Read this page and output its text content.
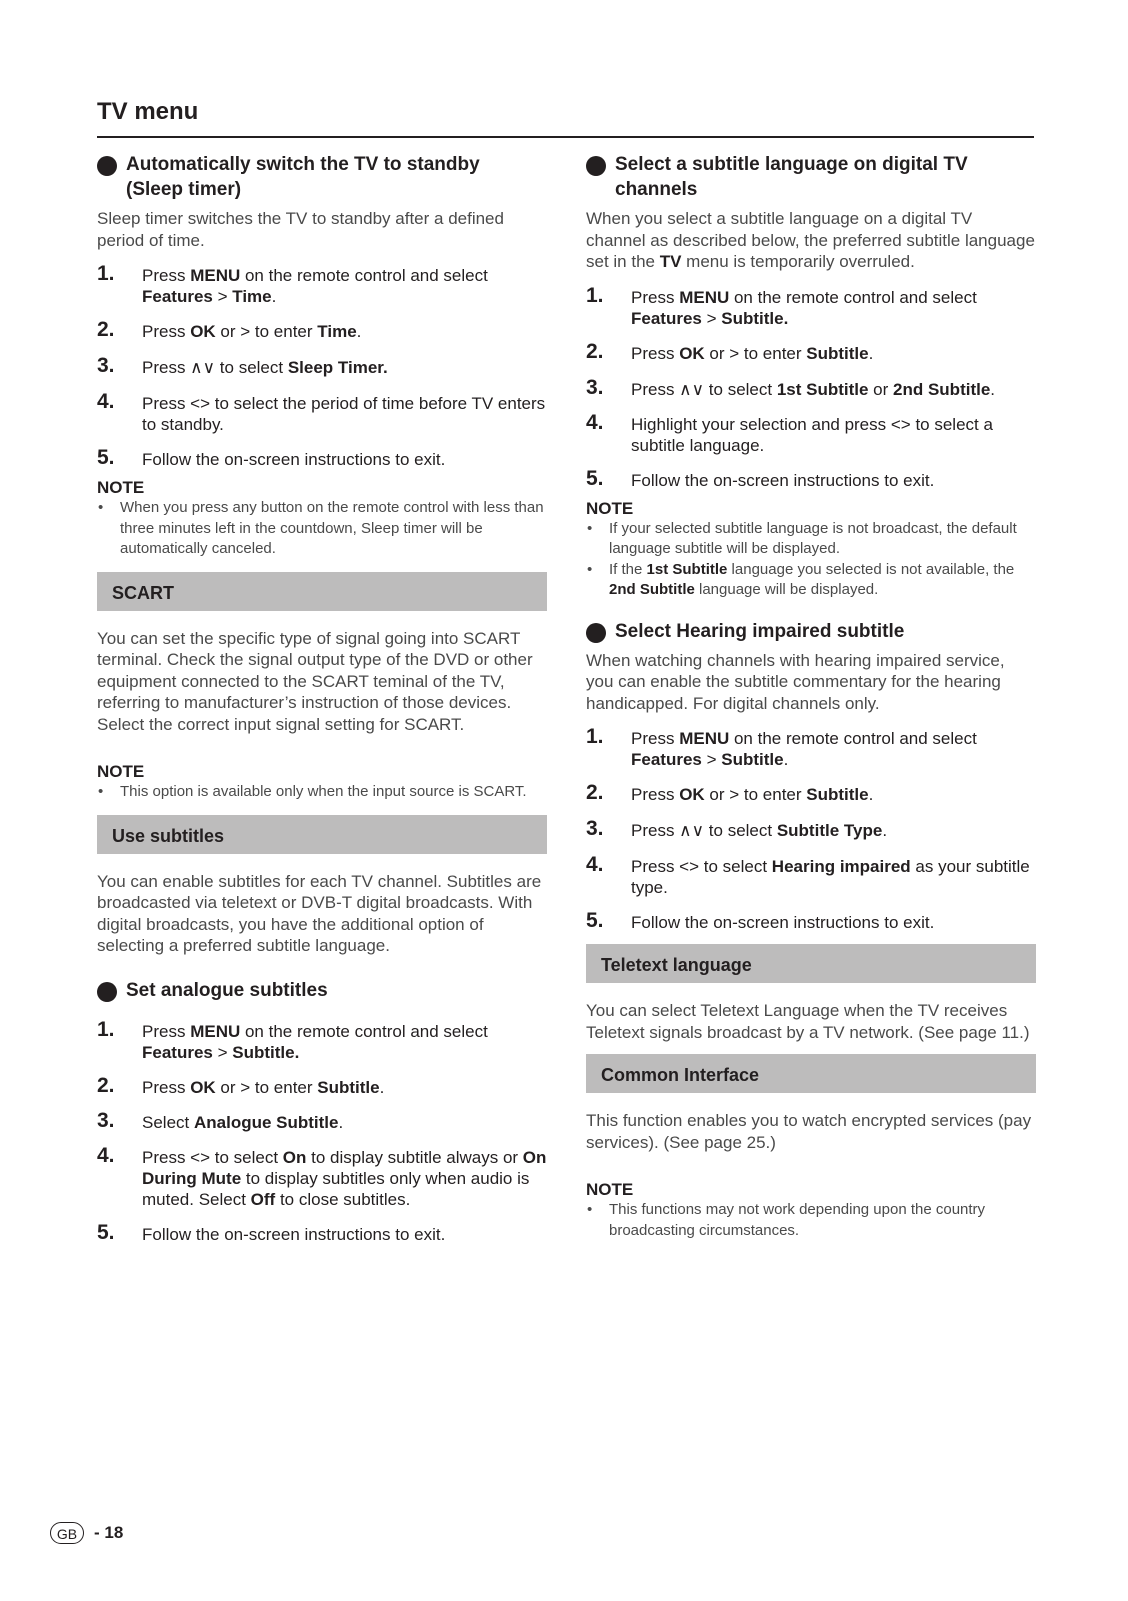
TV menu
Automatically switch the TV to standby
(Sleep timer)
Sleep timer switches the TV to standby after a defined period of time.
1. Press MENU on the remote control and select Features > Time.
2. Press OK or > to enter Time.
3. Press ∧∨ to select Sleep Timer.
4. Press <> to select the period of time before TV enters to standby.
5. Follow the on-screen instructions to exit.
NOTE
• When you press any button on the remote control with less than three minutes left in the countdown, Sleep timer will be automatically canceled.
SCART
You can set the specific type of signal going into SCART terminal. Check the signal output type of the DVD or other equipment connected to the SCART teminal of the TV, referring to manufacturer’s instruction of those devices. Select the correct input signal setting for SCART.
NOTE
• This option is available only when the input source is SCART.
Use subtitles
You can enable subtitles for each TV channel. Subtitles are broadcasted via teletext or DVB-T digital broadcasts. With digital broadcasts, you have the additional option of selecting a preferred subtitle language.
Set analogue subtitles
1. Press MENU on the remote control and select Features > Subtitle.
2. Press OK or > to enter Subtitle.
3. Select Analogue Subtitle.
4. Press <> to select On to display subtitle always or On During Mute to display subtitles only when audio is muted. Select Off to close subtitles.
5. Follow the on-screen instructions to exit.
Select a subtitle language on digital TV
channels
When you select a subtitle language on a digital TV channel as described below, the preferred subtitle language set in the TV menu is temporarily overruled.
1. Press MENU on the remote control and select Features > Subtitle.
2. Press OK or > to enter Subtitle.
3. Press ∧∨ to select 1st Subtitle or 2nd Subtitle.
4. Highlight your selection and press <> to select a subtitle language.
5. Follow the on-screen instructions to exit.
NOTE
• If your selected subtitle language is not broadcast, the default language subtitle will be displayed.
• If the 1st Subtitle language you selected is not available, the 2nd Subtitle language will be displayed.
Select Hearing impaired subtitle
When watching channels with hearing impaired service, you can enable the subtitle commentary for the hearing handicapped. For digital channels only.
1. Press MENU on the remote control and select Features > Subtitle.
2. Press OK or > to enter Subtitle.
3. Press ∧∨ to select Subtitle Type.
4. Press <> to select Hearing impaired as your subtitle type.
5. Follow the on-screen instructions to exit.
Teletext language
You can select Teletext Language when the TV receives Teletext signals broadcast by a TV network. (See page 11.)
Common Interface
This function enables you to watch encrypted services (pay services). (See page 25.)
NOTE
• This functions may not work depending upon the country broadcasting circumstances.
GB - 18
